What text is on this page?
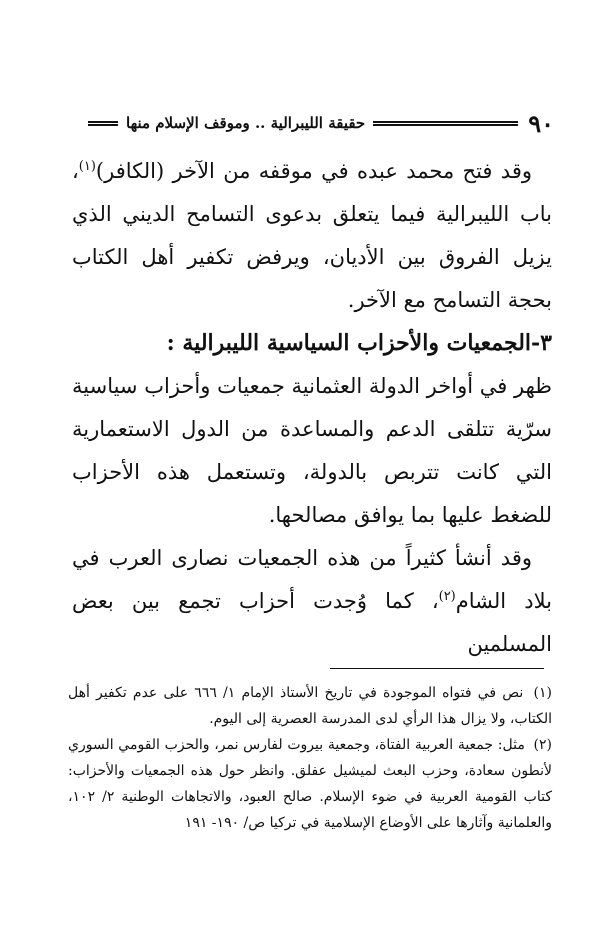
٩٠
حقيقة الليبرالية .. وموقف الإسلام منها

وقد فتح محمد عبده في موقفه من الآخر (الكافر)$^{(١)}$، باب الليبرالية فيما يتعلق بدعوى التسامح الديني الذي يزيل الفروق بين الأديان، ويرفض تكفير أهل الكتاب بحجة التسامح مع الآخر.

٣-الجمعيات والأحزاب السياسية الليبرالية :

ظهر في أواخر الدولة العثمانية جمعيات وأحزاب سياسية سرّية تتلقى الدعم والمساعدة من الدول الاستعمارية التي كانت تتربص بالدولة، وتستعمل هذه الأحزاب للضغط عليها بما يوافق مصالحها.

وقد أنشأ كثيراً من هذه الجمعيات نصارى العرب في بلاد الشام$^{(٢)}$، كما وُجدت أحزاب تجمع بين بعض المسلمين

(١) نص في فتواه الموجودة في تاريخ الأستاذ الإمام ١/ ٦٦٦ على عدم تكفير أهل الكتاب، ولا يزال هذا الرأي لدى المدرسة العصرية إلى اليوم.

(٢) مثل: جمعية العربية الفتاة، وجمعية بيروت لفارس نمر، والحزب القومي السوري لأنطون سعادة، وحزب البعث لميشيل عفلق. وانظر حول هذه الجمعيات والأحزاب: كتاب القومية العربية في ضوء الإسلام. صالح العبود، والاتجاهات الوطنية ٢/ ١٠٢، والعلمانية وآثارها على الأوضاع الإسلامية في تركيا ص/ ١٩٠- ١٩١
